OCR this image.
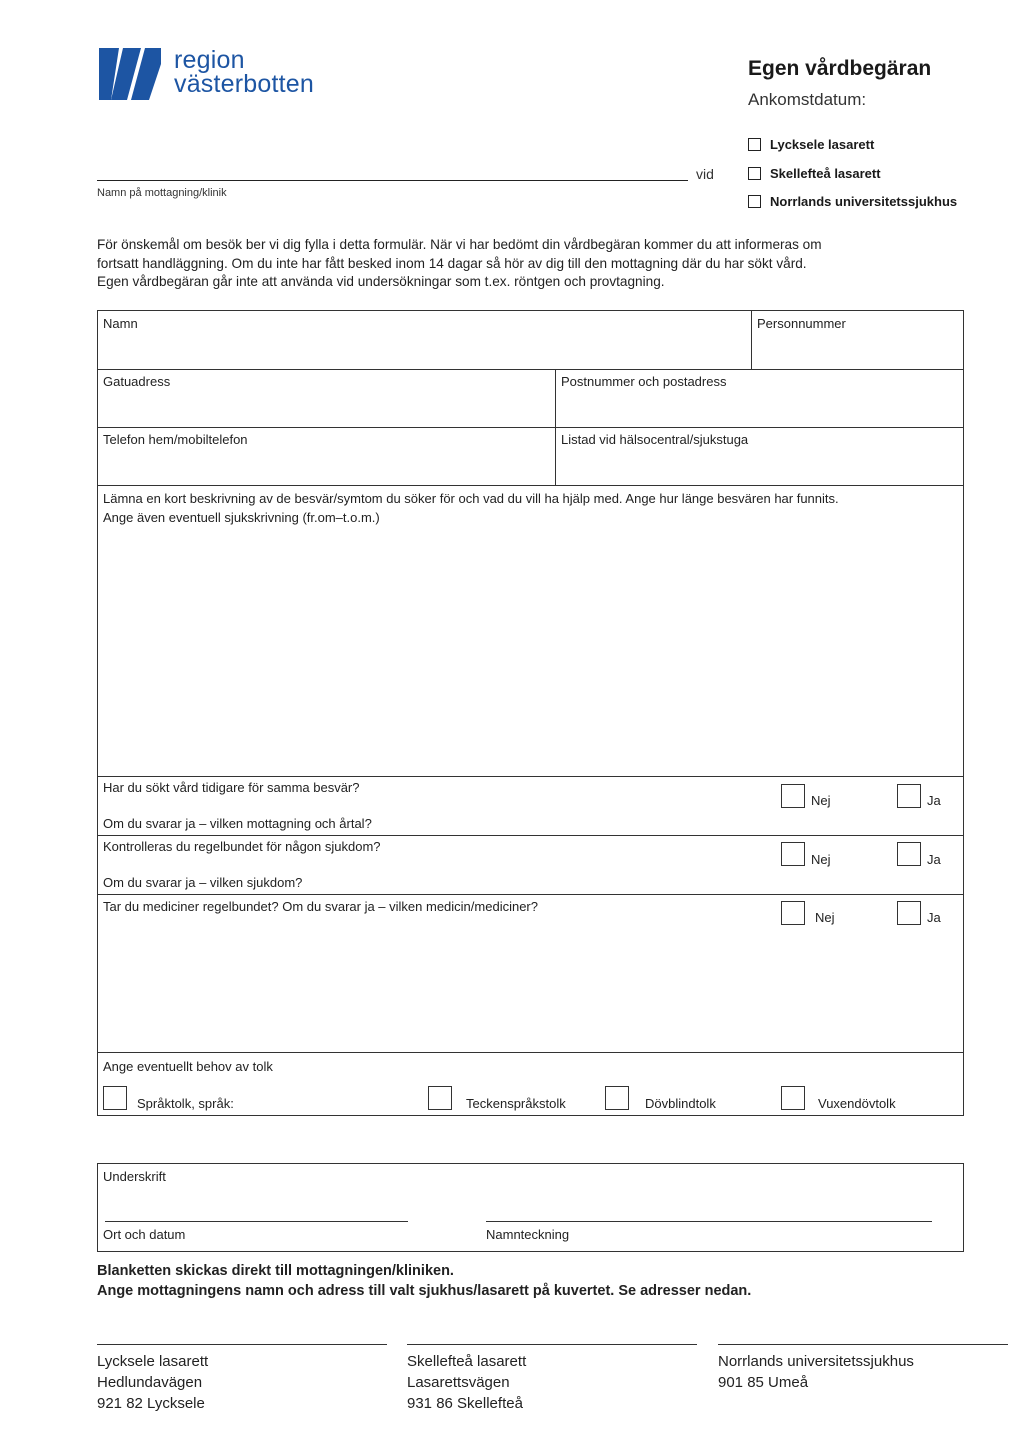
region
västerbotten
Egen vårdbegäran
Ankomstdatum:
Lycksele lasarett
Skellefteå lasarett
Norrlands universitetssjukhus
vid
Namn på mottagning/klinik
För önskemål om besök ber vi dig fylla i detta formulär. När vi har bedömt din vårdbegäran kommer du att informeras om
fortsatt handläggning. Om du inte har fått besked inom 14 dagar så hör av dig till den mottagning där du har sökt vård.
Egen vårdbegäran går inte att använda vid undersökningar som t.ex. röntgen och provtagning.
Namn	Personnummer
Gatuadress	Postnummer och postadress
Telefon hem/mobiltelefon	Listad vid hälsocentral/sjukstuga
Lämna en kort beskrivning av de besvär/symtom du söker för och vad du vill ha hjälp med. Ange hur länge besvären har funnits.
Ange även eventuell sjukskrivning (fr.om–t.o.m.)
Har du sökt vård tidigare för samma besvär?
Om du svarar ja – vilken mottagning och årtal?
Nej	Ja
Kontrolleras du regelbundet för någon sjukdom?
Om du svarar ja – vilken sjukdom?
Nej	Ja
Tar du mediciner regelbundet? Om du svarar ja – vilken medicin/mediciner?
Nej	Ja
Ange eventuellt behov av tolk
Språktolk, språk:	Teckenspråkstolk	Dövblindtolk	Vuxendövtolk
Underskrift
Ort och datum	Namnteckning
Blanketten skickas direkt till mottagningen/kliniken.
Ange mottagningens namn och adress till valt sjukhus/lasarett på kuvertet. Se adresser nedan.
Lycksele lasarett
Hedlundavägen
921 82 Lycksele
Skellefteå lasarett
Lasarettsvägen
931 86 Skellefteå
Norrlands universitetssjukhus
901 85 Umeå
